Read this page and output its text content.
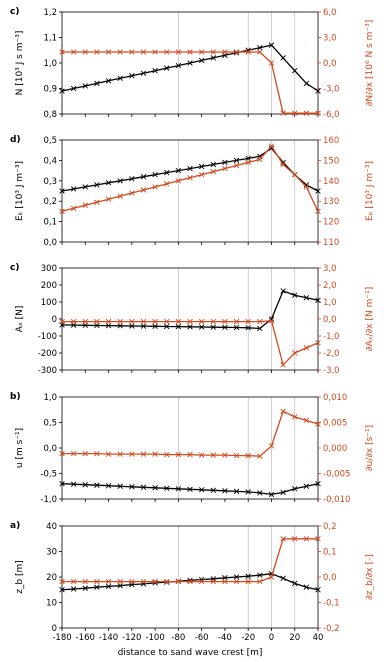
0,8
0,9
1,0
1,1
1,2
-6,0
-3,0
0,0
3,0
6,0
c)
N [10³ J s m⁻³]	∂N/∂x [10⁶ N s m⁻³]
0,0
0,1
0,2
0,3
0,4
0,5
110
120
130
140
150
160
d)
Eₖ [10³ J m⁻³]	Eₚ [10³ J m⁻³]
-300
-200
-100
0
100
200
300
-3,0
-2,0
-1,0
0,0
1,0
2,0
3,0
c)
Aₓ [N]	∂Aₓ/∂x [N m⁻¹]
-1,0
-0,5
0,0
0,5
1,0
-0,010
-0,005
0,000
0,005
0,010
b)
u [m s⁻¹]	∂u/∂x [s⁻¹]
0
10
20
30
40
-0,2
-0,1
0,0
0,1
0,2
-180 -160 -140 -120 -100 -80 -60 -40 -20 0 20 40
a)
z_b [m]	∂z_b/∂x [-]
distance to sand wave crest [m]
